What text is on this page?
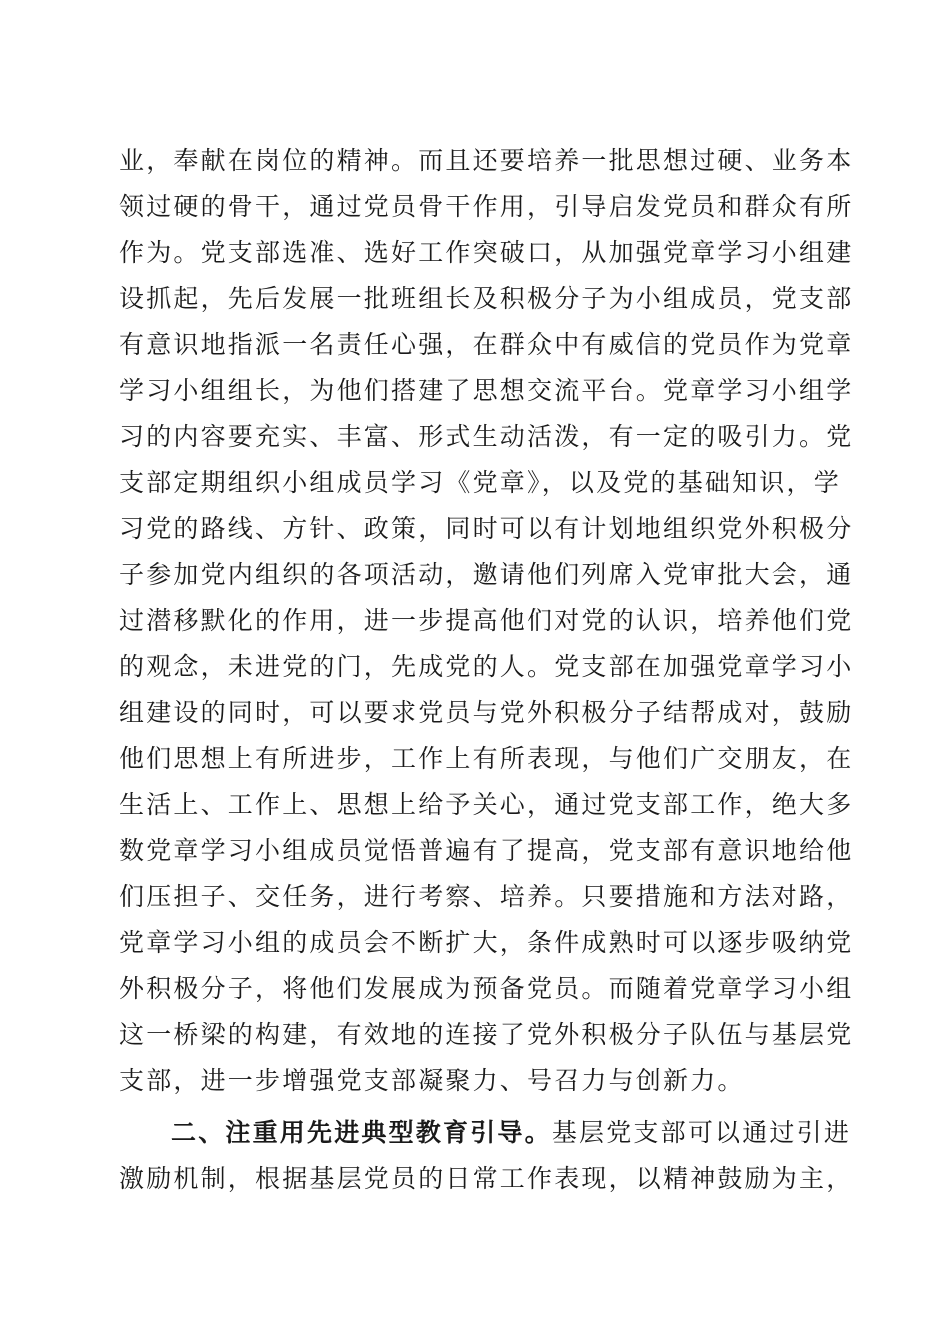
业，奉献在岗位的精神。而且还要培养一批思想过硬、业务本
领过硬的骨干，通过党员骨干作用，引导启发党员和群众有所
作为。党支部选准、选好工作突破口，从加强党章学习小组建
设抓起，先后发展一批班组长及积极分子为小组成员，党支部
有意识地指派一名责任心强，在群众中有威信的党员作为党章
学习小组组长，为他们搭建了思想交流平台。党章学习小组学
习的内容要充实、丰富、形式生动活泼，有一定的吸引力。党
支部定期组织小组成员学习《党章》，以及党的基础知识，学
习党的路线、方针、政策，同时可以有计划地组织党外积极分
子参加党内组织的各项活动，邀请他们列席入党审批大会，通
过潜移默化的作用，进一步提高他们对党的认识，培养他们党
的观念，未进党的门，先成党的人。党支部在加强党章学习小
组建设的同时，可以要求党员与党外积极分子结帮成对，鼓励
他们思想上有所进步，工作上有所表现，与他们广交朋友，在
生活上、工作上、思想上给予关心，通过党支部工作，绝大多
数党章学习小组成员觉悟普遍有了提高，党支部有意识地给他
们压担子、交任务，进行考察、培养。只要措施和方法对路，
党章学习小组的成员会不断扩大，条件成熟时可以逐步吸纳党
外积极分子，将他们发展成为预备党员。而随着党章学习小组
这一桥梁的构建，有效地的连接了党外积极分子队伍与基层党
支部，进一步增强党支部凝聚力、号召力与创新力。
二、注重用先进典型教育引导。基层党支部可以通过引进
激励机制，根据基层党员的日常工作表现，以精神鼓励为主，
